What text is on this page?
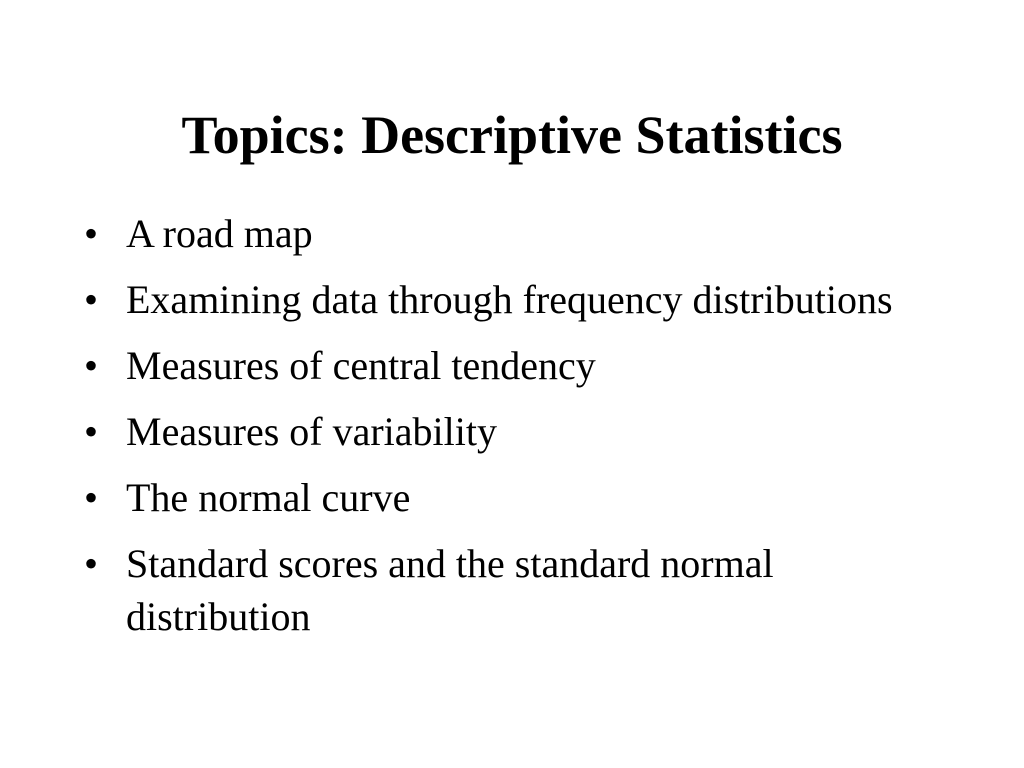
Topics: Descriptive Statistics
• A road map
• Examining data through frequency distributions
• Measures of central tendency
• Measures of variability
• The normal curve
• Standard scores and the standard normal distribution
